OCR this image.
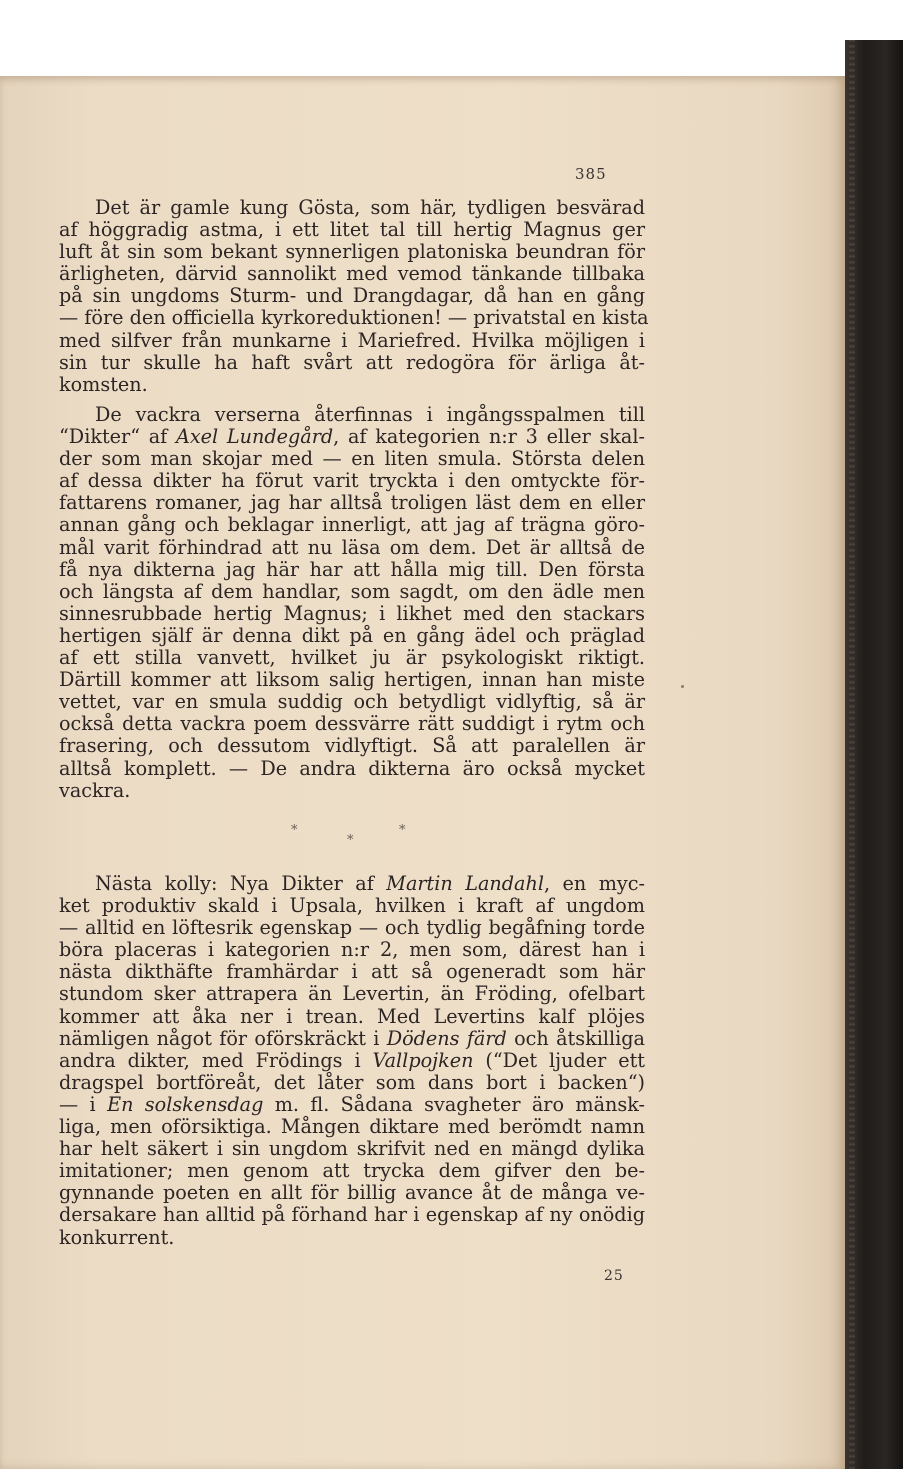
385
Det är gamle kung Gösta, som här, tydligen besvärad
af höggradig astma, i ett litet tal till hertig Magnus ger
luft åt sin som bekant synnerligen platoniska beundran för
ärligheten, därvid sannolikt med vemod tänkande tillbaka
på sin ungdoms Sturm- und Drangdagar, då han en gång
— före den officiella kyrkoreduktionen! — privatstal en kista
med silfver från munkarne i Mariefred. Hvilka möjligen i
sin tur skulle ha haft svårt att redogöra för ärliga åt-
komsten.
De vackra verserna återfinnas i ingångsspalmen till
“Dikter“ af Axel Lundegård, af kategorien n:r 3 eller skal-
der som man skojar med — en liten smula. Största delen
af dessa dikter ha förut varit tryckta i den omtyckte för-
fattarens romaner, jag har alltså troligen läst dem en eller
annan gång och beklagar innerligt, att jag af trägna göro-
mål varit förhindrad att nu läsa om dem. Det är alltså de
få nya dikterna jag här har att hålla mig till. Den första
och längsta af dem handlar, som sagdt, om den ädle men
sinnesrubbade hertig Magnus; i likhet med den stackars
hertigen själf är denna dikt på en gång ädel och präglad
af ett stilla vanvett, hvilket ju är psykologiskt riktigt.
Därtill kommer att liksom salig hertigen, innan han miste
vettet, var en smula suddig och betydligt vidlyftig, så är
också detta vackra poem dessvärre rätt suddigt i rytm och
frasering, och dessutom vidlyftigt. Så att paralellen är
alltså komplett. — De andra dikterna äro också mycket
vackra.
*
*
*
Nästa kolly: Nya Dikter af Martin Landahl, en myc-
ket produktiv skald i Upsala, hvilken i kraft af ungdom
— alltid en löftesrik egenskap — och tydlig begåfning torde
böra placeras i kategorien n:r 2, men som, därest han i
nästa dikthäfte framhärdar i att så ogeneradt som här
stundom sker attrapera än Levertin, än Fröding, ofelbart
kommer att åka ner i trean. Med Levertins kalf plöjes
nämligen något för oförskräckt i Dödens färd och åtskilliga
andra dikter, med Frödings i Vallpojken (“Det ljuder ett
dragspel bortföreåt, det låter som dans bort i backen“)
— i En solskensdag m. fl. Sådana svagheter äro mänsk-
liga, men oförsiktiga. Mången diktare med berömdt namn
har helt säkert i sin ungdom skrifvit ned en mängd dylika
imitationer; men genom att trycka dem gifver den be-
gynnande poeten en allt för billig avance åt de många ve-
dersakare han alltid på förhand har i egenskap af ny onödig
konkurrent.
25
